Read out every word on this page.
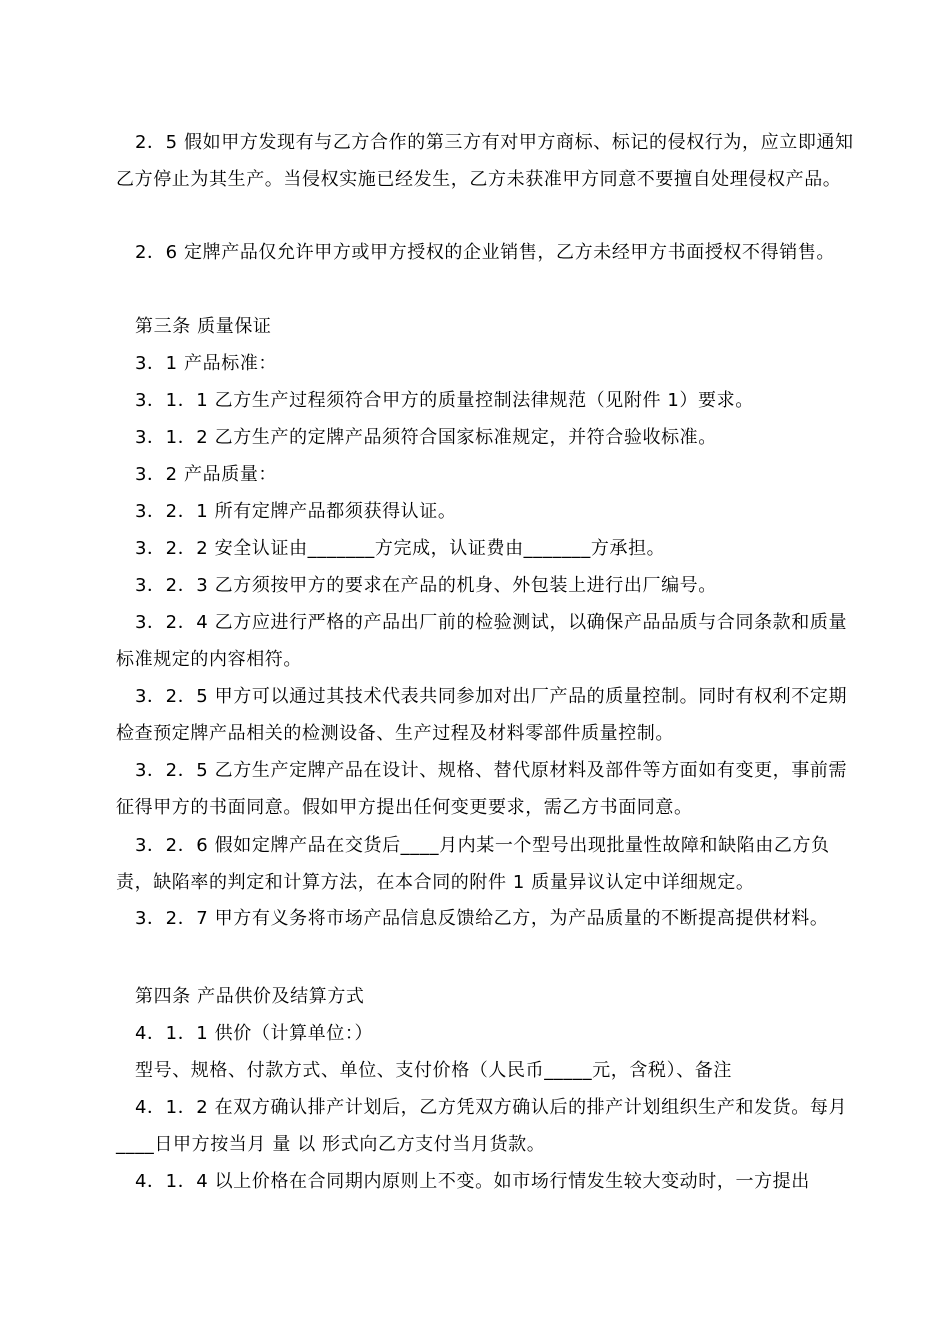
2．5 假如甲方发现有与乙方合作的第三方有对甲方商标、标记的侵权行为，应立即通知乙方停止为其生产。当侵权实施已经发生，乙方未获准甲方同意不要擅自处理侵权产品。

2．6 定牌产品仅允许甲方或甲方授权的企业销售，乙方未经甲方书面授权不得销售。

第三条 质量保证

3．1 产品标准：

3．1．1 乙方生产过程须符合甲方的质量控制法律规范（见附件 1）要求。

3．1．2 乙方生产的定牌产品须符合国家标准规定，并符合验收标准。

3．2 产品质量：

3．2．1 所有定牌产品都须获得认证。

3．2．2 安全认证由_______方完成，认证费由_______方承担。

3．2．3 乙方须按甲方的要求在产品的机身、外包装上进行出厂编号。

3．2．4 乙方应进行严格的产品出厂前的检验测试，以确保产品品质与合同条款和质量标准规定的内容相符。

3．2．5 甲方可以通过其技术代表共同参加对出厂产品的质量控制。同时有权利不定期检查预定牌产品相关的检测设备、生产过程及材料零部件质量控制。

3．2．5 乙方生产定牌产品在设计、规格、替代原材料及部件等方面如有变更，事前需征得甲方的书面同意。假如甲方提出任何变更要求，需乙方书面同意。

3．2．6 假如定牌产品在交货后____月内某一个型号出现批量性故障和缺陷由乙方负责，缺陷率的判定和计算方法，在本合同的附件 1 质量异议认定中详细规定。

3．2．7 甲方有义务将市场产品信息反馈给乙方，为产品质量的不断提高提供材料。

第四条 产品供价及结算方式

4．1．1 供价（计算单位：）

型号、规格、付款方式、单位、支付价格（人民币_____元，含税）、备注

4．1．2 在双方确认排产计划后，乙方凭双方确认后的排产计划组织生产和发货。每月____日甲方按当月 量 以 形式向乙方支付当月货款。

4．1．4 以上价格在合同期内原则上不变。如市场行情发生较大变动时，一方提出
